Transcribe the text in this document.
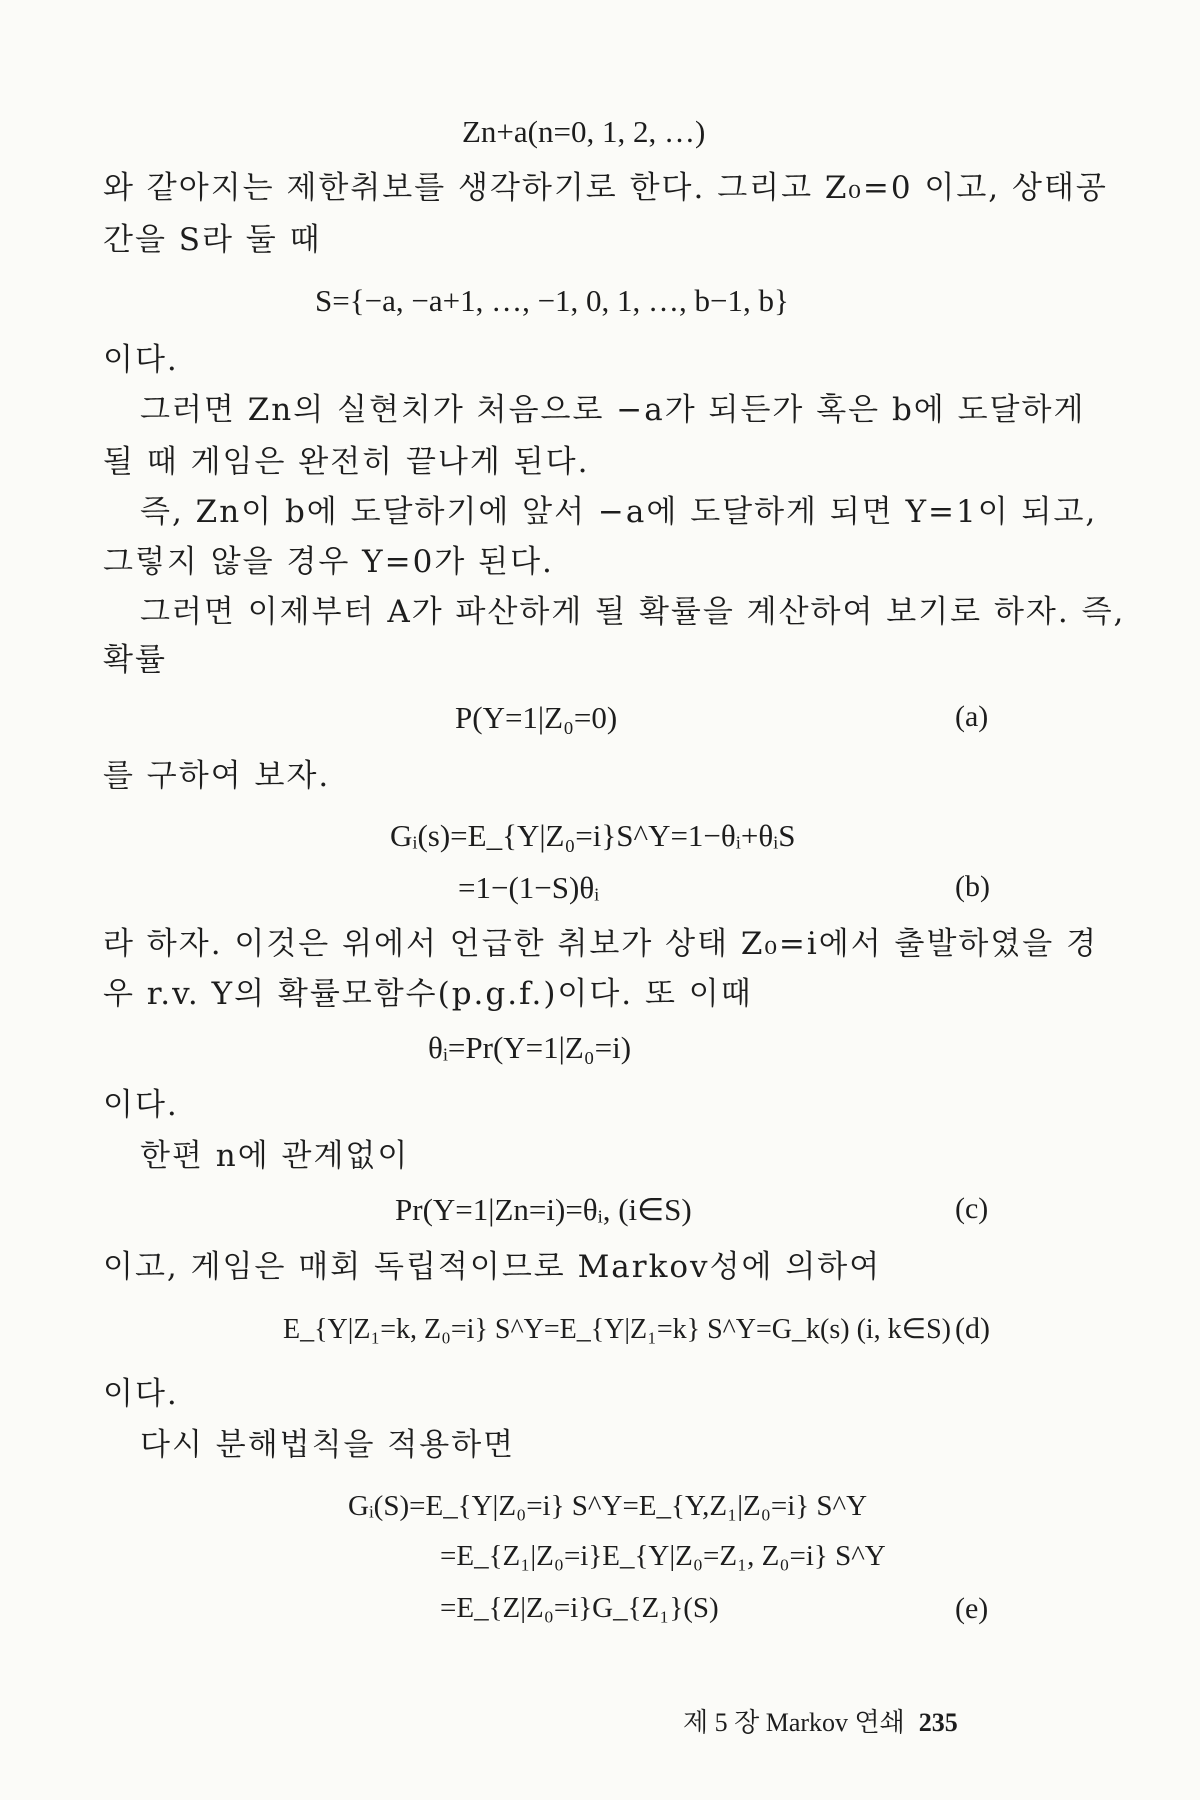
Zn+a(n=0, 1, 2, …)
와 같아지는 제한취보를 생각하기로 한다. 그리고 Z₀=0 이고, 상태공
간을 S라 둘 때
S={−a, −a+1, …, −1, 0, 1, …, b−1, b}
이다.
그러면 Zn의 실현치가 처음으로 −a가 되든가 혹은 b에 도달하게
될 때 게임은 완전히 끝나게 된다.
즉, Zn이 b에 도달하기에 앞서 −a에 도달하게 되면 Y=1이 되고,
그렇지 않을 경우 Y=0가 된다.
그러면 이제부터 A가 파산하게 될 확률을 계산하여 보기로 하자. 즉,
확률
P(Y=1|Z₀=0)	(a)
를 구하여 보자.
Gᵢ(s)=E_{Y|Z₀=i}S^Y=1−θᵢ+θᵢS
=1−(1−S)θᵢ	(b)
라 하자. 이것은 위에서 언급한 취보가 상태 Z₀=i에서 출발하였을 경
우 r.v. Y의 확률모함수(p.g.f.)이다. 또 이때
θᵢ=Pr(Y=1|Z₀=i)
이다.
한편 n에 관계없이
Pr(Y=1|Zn=i)=θᵢ, (i∈S)	(c)
이고, 게임은 매회 독립적이므로 Markov성에 의하여
E_{Y|Z₁=k, Z₀=i} S^Y=E_{Y|Z₁=k} S^Y=G_k(s) (i, k∈S) (d)
이다.
다시 분해법칙을 적용하면
Gᵢ(S)=E_{Y|Z₀=i} S^Y=E_{Y,Z₁|Z₀=i} S^Y
=E_{Z₁|Z₀=i}E_{Y|Z₀=Z₁, Z₀=i} S^Y
=E_{Z|Z₀=i}G_{Z₁}(S)	(e)
제 5 장 Markov 연쇄 235
